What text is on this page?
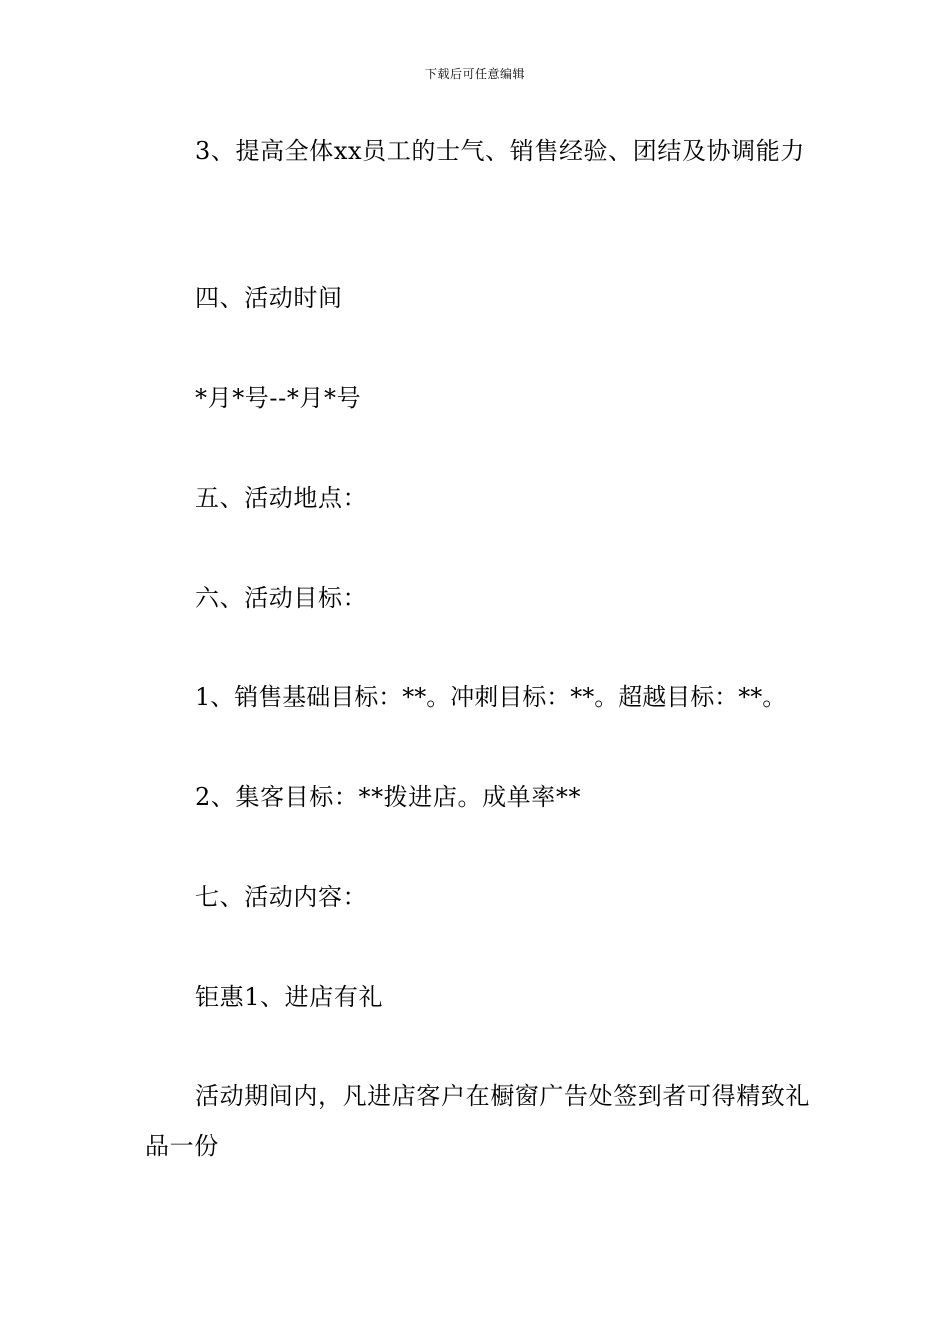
下载后可任意编辑
3、提高全体xx员工的士气、销售经验、团结及协调能力
四、活动时间
*月*号--*月*号
五、活动地点：
六、活动目标：
1、销售基础目标：**。冲刺目标：**。超越目标：**。
2、集客目标：**拨进店。成单率**
七、活动内容：
钜惠1、进店有礼
活动期间内，凡进店客户在橱窗广告处签到者可得精致礼品一份
